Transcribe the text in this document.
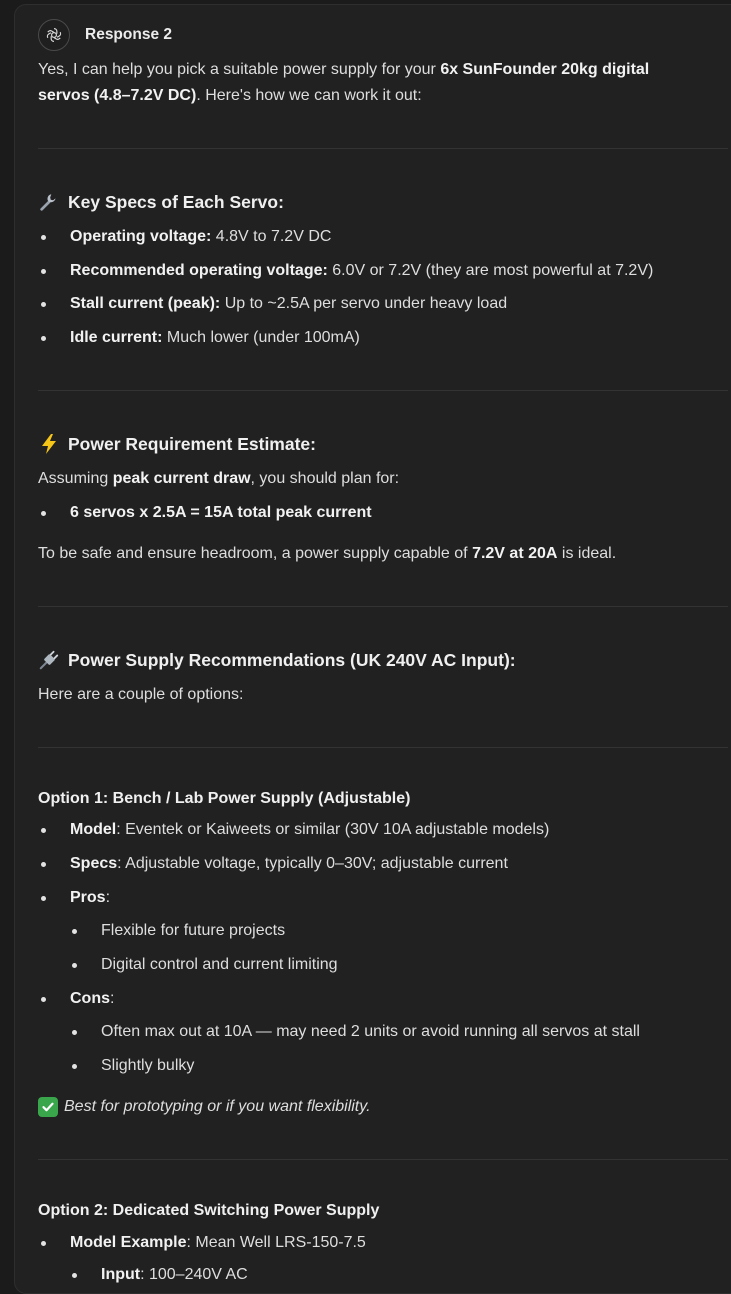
Response 2
Yes, I can help you pick a suitable power supply for your 6x SunFounder 20kg digital
servos (4.8–7.2V DC). Here's how we can work it out:
Key Specs of Each Servo:
Operating voltage: 4.8V to 7.2V DC
Recommended operating voltage: 6.0V or 7.2V (they are most powerful at 7.2V)
Stall current (peak): Up to ~2.5A per servo under heavy load
Idle current: Much lower (under 100mA)
Power Requirement Estimate:
Assuming peak current draw, you should plan for:
6 servos x 2.5A = 15A total peak current
To be safe and ensure headroom, a power supply capable of 7.2V at 20A is ideal.
Power Supply Recommendations (UK 240V AC Input):
Here are a couple of options:
Option 1: Bench / Lab Power Supply (Adjustable)
Model: Eventek or Kaiweets or similar (30V 10A adjustable models)
Specs: Adjustable voltage, typically 0–30V; adjustable current
Pros:
Flexible for future projects
Digital control and current limiting
Cons:
Often max out at 10A — may need 2 units or avoid running all servos at stall
Slightly bulky
Best for prototyping or if you want flexibility.
Option 2: Dedicated Switching Power Supply
Model Example: Mean Well LRS-150-7.5
Input: 100–240V AC
